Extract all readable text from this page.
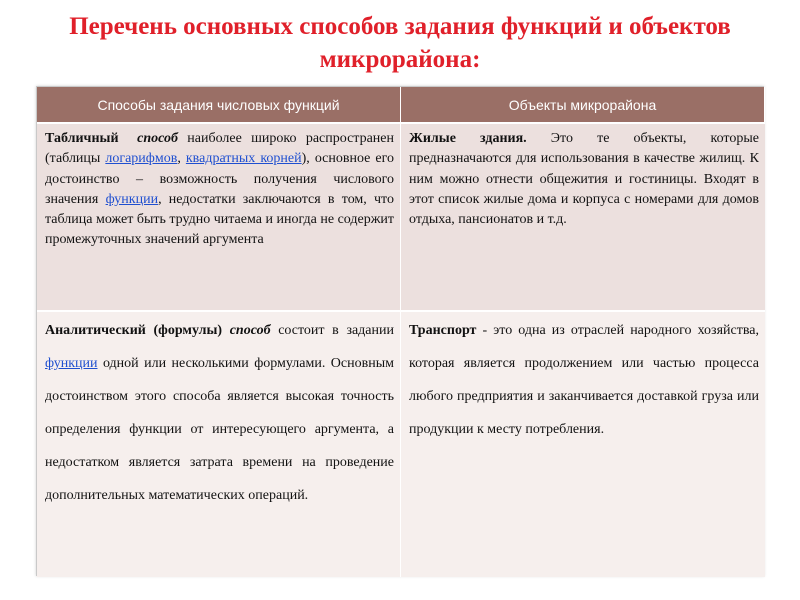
Перечень основных способов задания функций и объектов микрорайона:
Способы задания числовых функций	Объекты микрорайона
Табличный способ наиболее широко распространен (таблицы логарифмов, квадратных корней), основное его достоинство – возможность получения числового значения функции, недостатки заключаются в том, что таблица может быть трудно читаема и иногда не содержит промежуточных значений аргумента
Жилые здания. Это те объекты, которые предназначаются для использования в качестве жилищ. К ним можно отнести общежития и гостиницы. Входят в этот список жилые дома и корпуса с номерами для домов отдыха, пансионатов и т.д.
Аналитический (формулы) способ состоит в задании функции одной или несколькими формулами. Основным достоинством этого способа является высокая точность определения функции от интересующего аргумента, а недостатком является затрата времени на проведение дополнительных математических операций.
Транспорт - это одна из отраслей народного хозяйства, которая является продолжением или частью процесса любого предприятия и заканчивается доставкой груза или продукции к месту потребления.
